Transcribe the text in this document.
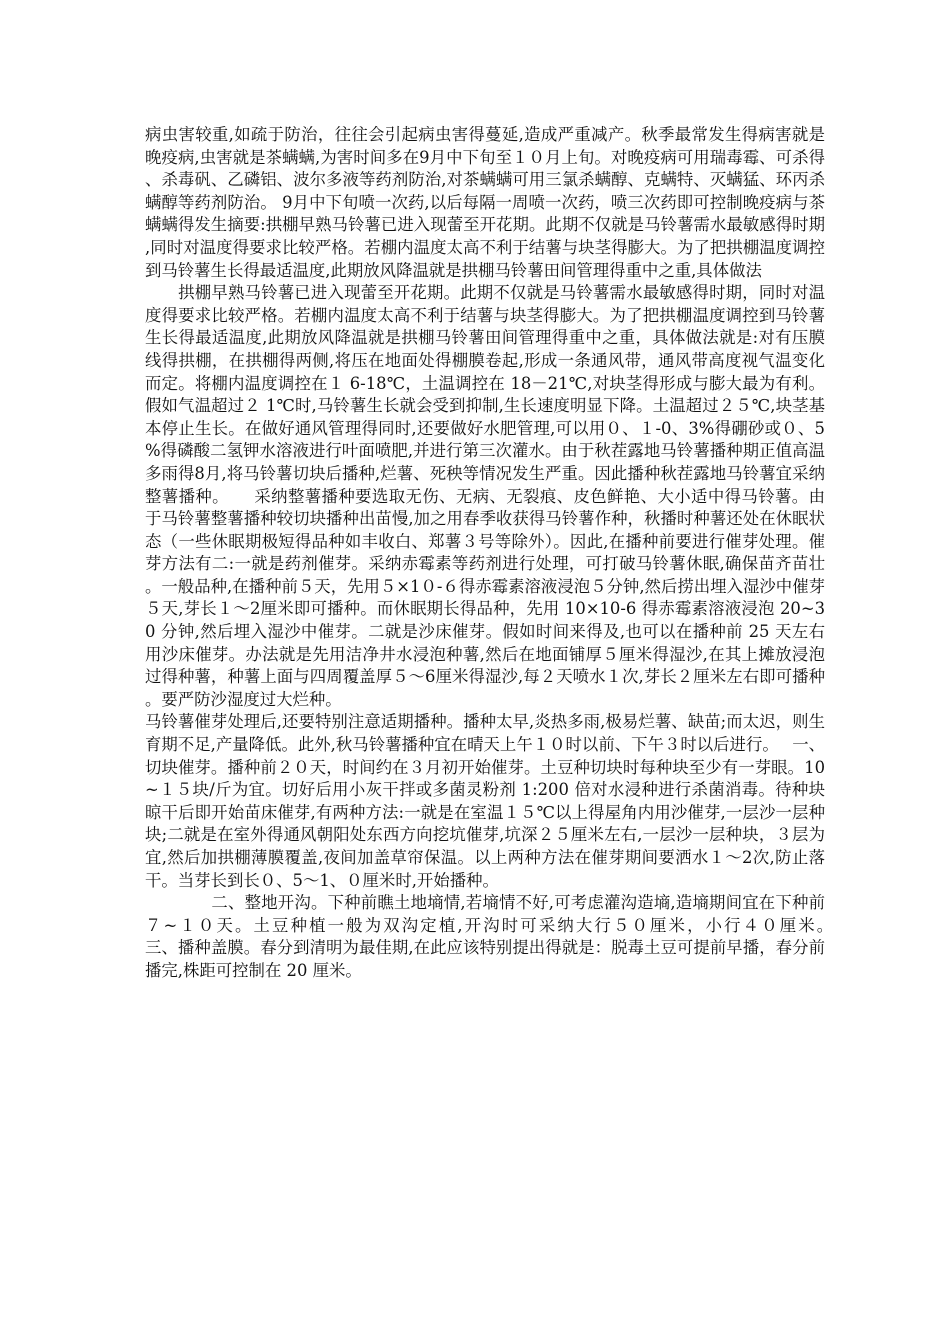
病虫害较重,如疏于防治，往往会引起病虫害得蔓延,造成严重减产。秋季最常发生得病害就是晚疫病,虫害就是茶螨螨,为害时间多在9月中下旬至１０月上旬。对晚疫病可用瑞毒霉、可杀得、杀毒矾、乙磷铝、波尔多液等药剂防治,对茶螨螨可用三氯杀螨醇、克螨特、灭螨猛、环丙杀螨醇等药剂防治。 9月中下旬喷一次药,以后每隔一周喷一次药，喷三次药即可控制晚疫病与茶螨螨得发生摘要:拱棚早熟马铃薯已进入现蕾至开花期。此期不仅就是马铃薯需水最敏感得时期,同时对温度得要求比较严格。若棚内温度太高不利于结薯与块茎得膨大。为了把拱棚温度调控到马铃薯生长得最适温度,此期放风降温就是拱棚马铃薯田间管理得重中之重,具体做法

　　拱棚早熟马铃薯已进入现蕾至开花期。此期不仅就是马铃薯需水最敏感得时期，同时对温度得要求比较严格。若棚内温度太高不利于结薯与块茎得膨大。为了把拱棚温度调控到马铃薯生长得最适温度,此期放风降温就是拱棚马铃薯田间管理得重中之重，具体做法就是:对有压膜线得拱棚，在拱棚得两侧,将压在地面处得棚膜卷起,形成一条通风带，通风带高度视气温变化而定。将棚内温度调控在１ 6-18℃，土温调控在 18－21℃,对块茎得形成与膨大最为有利。假如气温超过２ 1℃时,马铃薯生长就会受到抑制,生长速度明显下降。土温超过２５℃,块茎基本停止生长。在做好通风管理得同时,还要做好水肥管理,可以用０、１-0、3%得硼砂或０、5%得磷酸二氢钾水溶液进行叶面喷肥,并进行第三次灌水。由于秋茬露地马铃薯播种期正值高温多雨得8月,将马铃薯切块后播种,烂薯、死秧等情况发生严重。因此播种秋茬露地马铃薯宜采纳整薯播种。　　采纳整薯播种要选取无伤、无病、无裂痕、皮色鲜艳、大小适中得马铃薯。由于马铃薯整薯播种较切块播种出苗慢,加之用春季收获得马铃薯作种，秋播时种薯还处在休眠状态（一些休眠期极短得品种如丰收白、郑薯３号等除外）。因此,在播种前要进行催芽处理。催芽方法有二:一就是药剂催芽。采纳赤霉素等药剂进行处理，可打破马铃薯休眠,确保苗齐苗壮。一般品种,在播种前５天，先用５×1０-６得赤霉素溶液浸泡５分钟,然后捞出埋入湿沙中催芽５天,芽长１～2厘米即可播种。而休眠期长得品种，先用 10×10-6 得赤霉素溶液浸泡 20~30 分钟,然后埋入湿沙中催芽。二就是沙床催芽。假如时间来得及,也可以在播种前 25 天左右用沙床催芽。办法就是先用洁净井水浸泡种薯,然后在地面铺厚５厘米得湿沙,在其上摊放浸泡过得种薯，种薯上面与四周覆盖厚５～6厘米得湿沙,每２天喷水１次,芽长２厘米左右即可播种。要严防沙湿度过大烂种。

马铃薯催芽处理后,还要特别注意适期播种。播种太早,炎热多雨,极易烂薯、缺苗;而太迟，则生育期不足,产量降低。此外,秋马铃薯播种宜在晴天上午１０时以前、下午３时以后进行。　 一、切块催芽。播种前２０天，时间约在３月初开始催芽。土豆种切块时每种块至少有一芽眼。10~１５块/斤为宜。切好后用小灰干拌或多菌灵粉剂 1:200 倍对水浸种进行杀菌消毒。待种块晾干后即开始苗床催芽,有两种方法:一就是在室温１５℃以上得屋角内用沙催芽,一层沙一层种块;二就是在室外得通风朝阳处东西方向挖坑催芽,坑深２５厘米左右,一层沙一层种块，３层为宜,然后加拱棚薄膜覆盖,夜间加盖草帘保温。以上两种方法在催芽期间要洒水１～2次,防止落干。当芽长到长０、5～1、０厘米时,开始播种。

　　　　二、整地开沟。下种前瞧土地墒情,若墒情不好,可考虑灌沟造墒,造墒期间宜在下种前７~１０天。土豆种植一般为双沟定植,开沟时可采纳大行５０厘米，小行４０厘米。　　　　　三、播种盖膜。春分到清明为最佳期,在此应该特别提出得就是：脱毒土豆可提前早播，春分前播完,株距可控制在 20 厘米。
